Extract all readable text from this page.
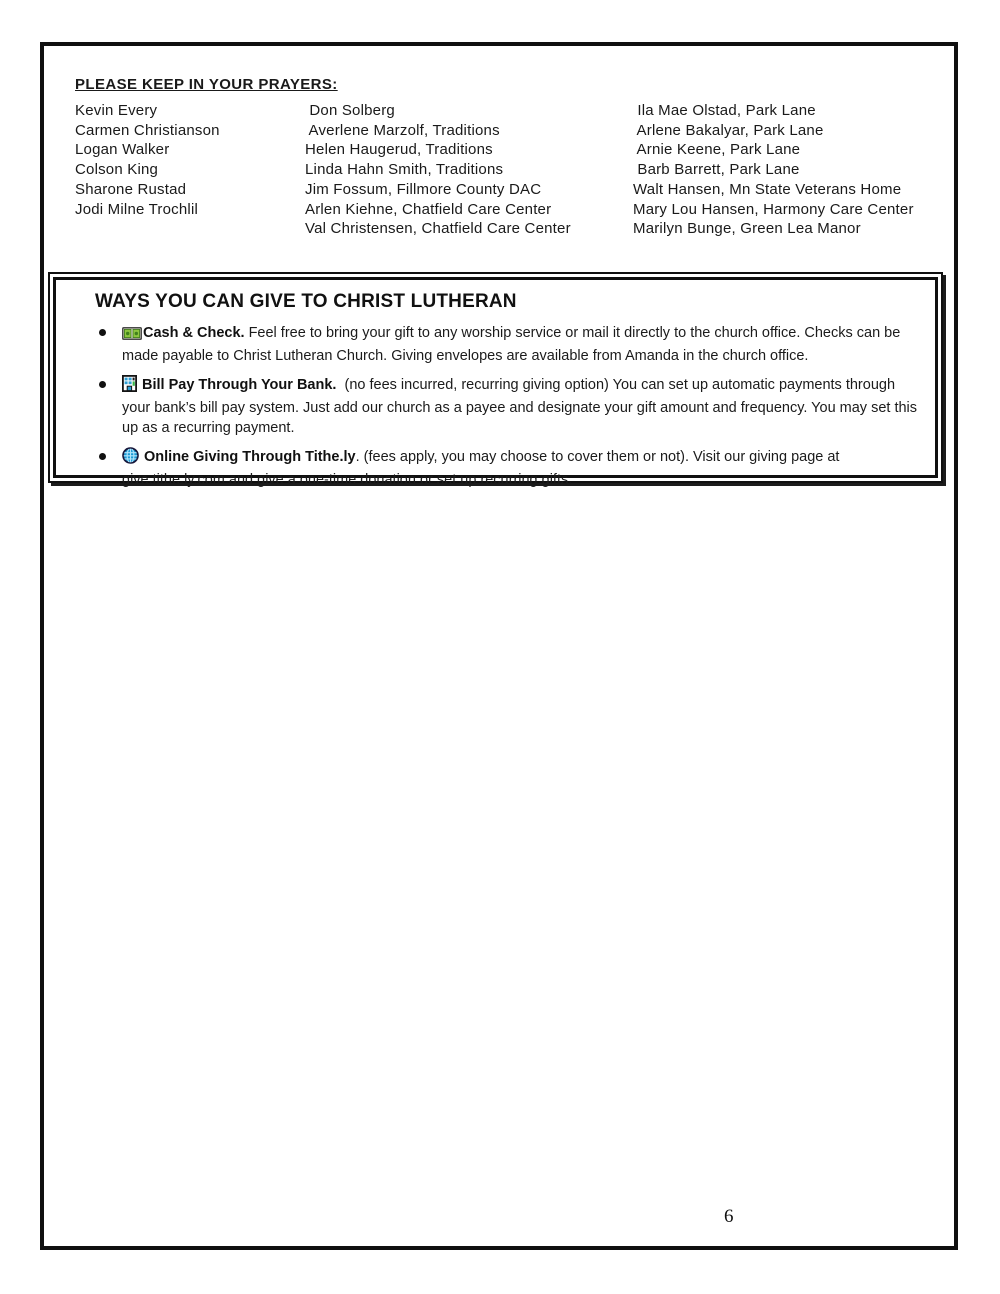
PLEASE KEEP IN YOUR PRAYERS:
Kevin Every
Carmen Christianson
Logan Walker
Colson King
Sharone Rustad
Jodi Milne Trochlil
Don Solberg
Averlene Marzolf, Traditions
Helen Haugerud, Traditions
Linda Hahn Smith, Traditions
Jim Fossum, Fillmore County DAC
Arlen Kiehne, Chatfield Care Center
Val Christensen, Chatfield Care Center
Ila Mae Olstad, Park Lane
Arlene Bakalyar, Park Lane
Arnie Keene, Park Lane
Barb Barrett, Park Lane
Walt Hansen, Mn State Veterans Home
Mary Lou Hansen, Harmony Care Center
Marilyn Bunge, Green Lea Manor
WAYS YOU CAN GIVE TO CHRIST LUTHERAN
Cash & Check. Feel free to bring your gift to any worship service or mail it directly to the church office. Checks can be made payable to Christ Lutheran Church. Giving envelopes are available from Amanda in the church office.
Bill Pay Through Your Bank.  (no fees incurred, recurring giving option) You can set up automatic payments through your bank’s bill pay system. Just add our church as a payee and designate your gift amount and frequency. You may set this up as a recurring payment.
Online Giving Through Tithe.ly. (fees apply, you may choose to cover them or not). Visit our giving page at give.tithe.ly.com and give a one-time donation or set up recurring gifts.
6
